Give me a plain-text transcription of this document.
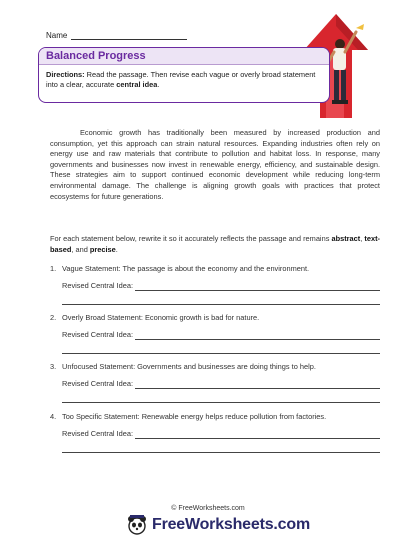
Name
Balanced Progress
Directions: Read the passage. Then revise each vague or overly broad statement into a clear, accurate central idea.

Economic growth has traditionally been measured by increased production and consumption, yet this approach can strain natural resources. Expanding industries often rely on energy use and raw materials that contribute to pollution and habitat loss. In response, many governments and businesses now invest in renewable energy, efficiency, and sustainable design. These strategies aim to support continued economic development while reducing long-term environmental damage. The challenge is aligning growth goals with practices that protect ecosystems for future generations.

For each statement below, rewrite it so it accurately reflects the passage and remains abstract, text-based, and precise.
1. Vague Statement: The passage is about the economy and the environment.
Revised Central Idea:
2. Overly Broad Statement: Economic growth is bad for nature.
Revised Central Idea:
3. Unfocused Statement: Governments and businesses are doing things to help.
Revised Central Idea:
4. Too Specific Statement: Renewable energy helps reduce pollution from factories.
Revised Central Idea:
© FreeWorksheets.com
FreeWorksheets.com
